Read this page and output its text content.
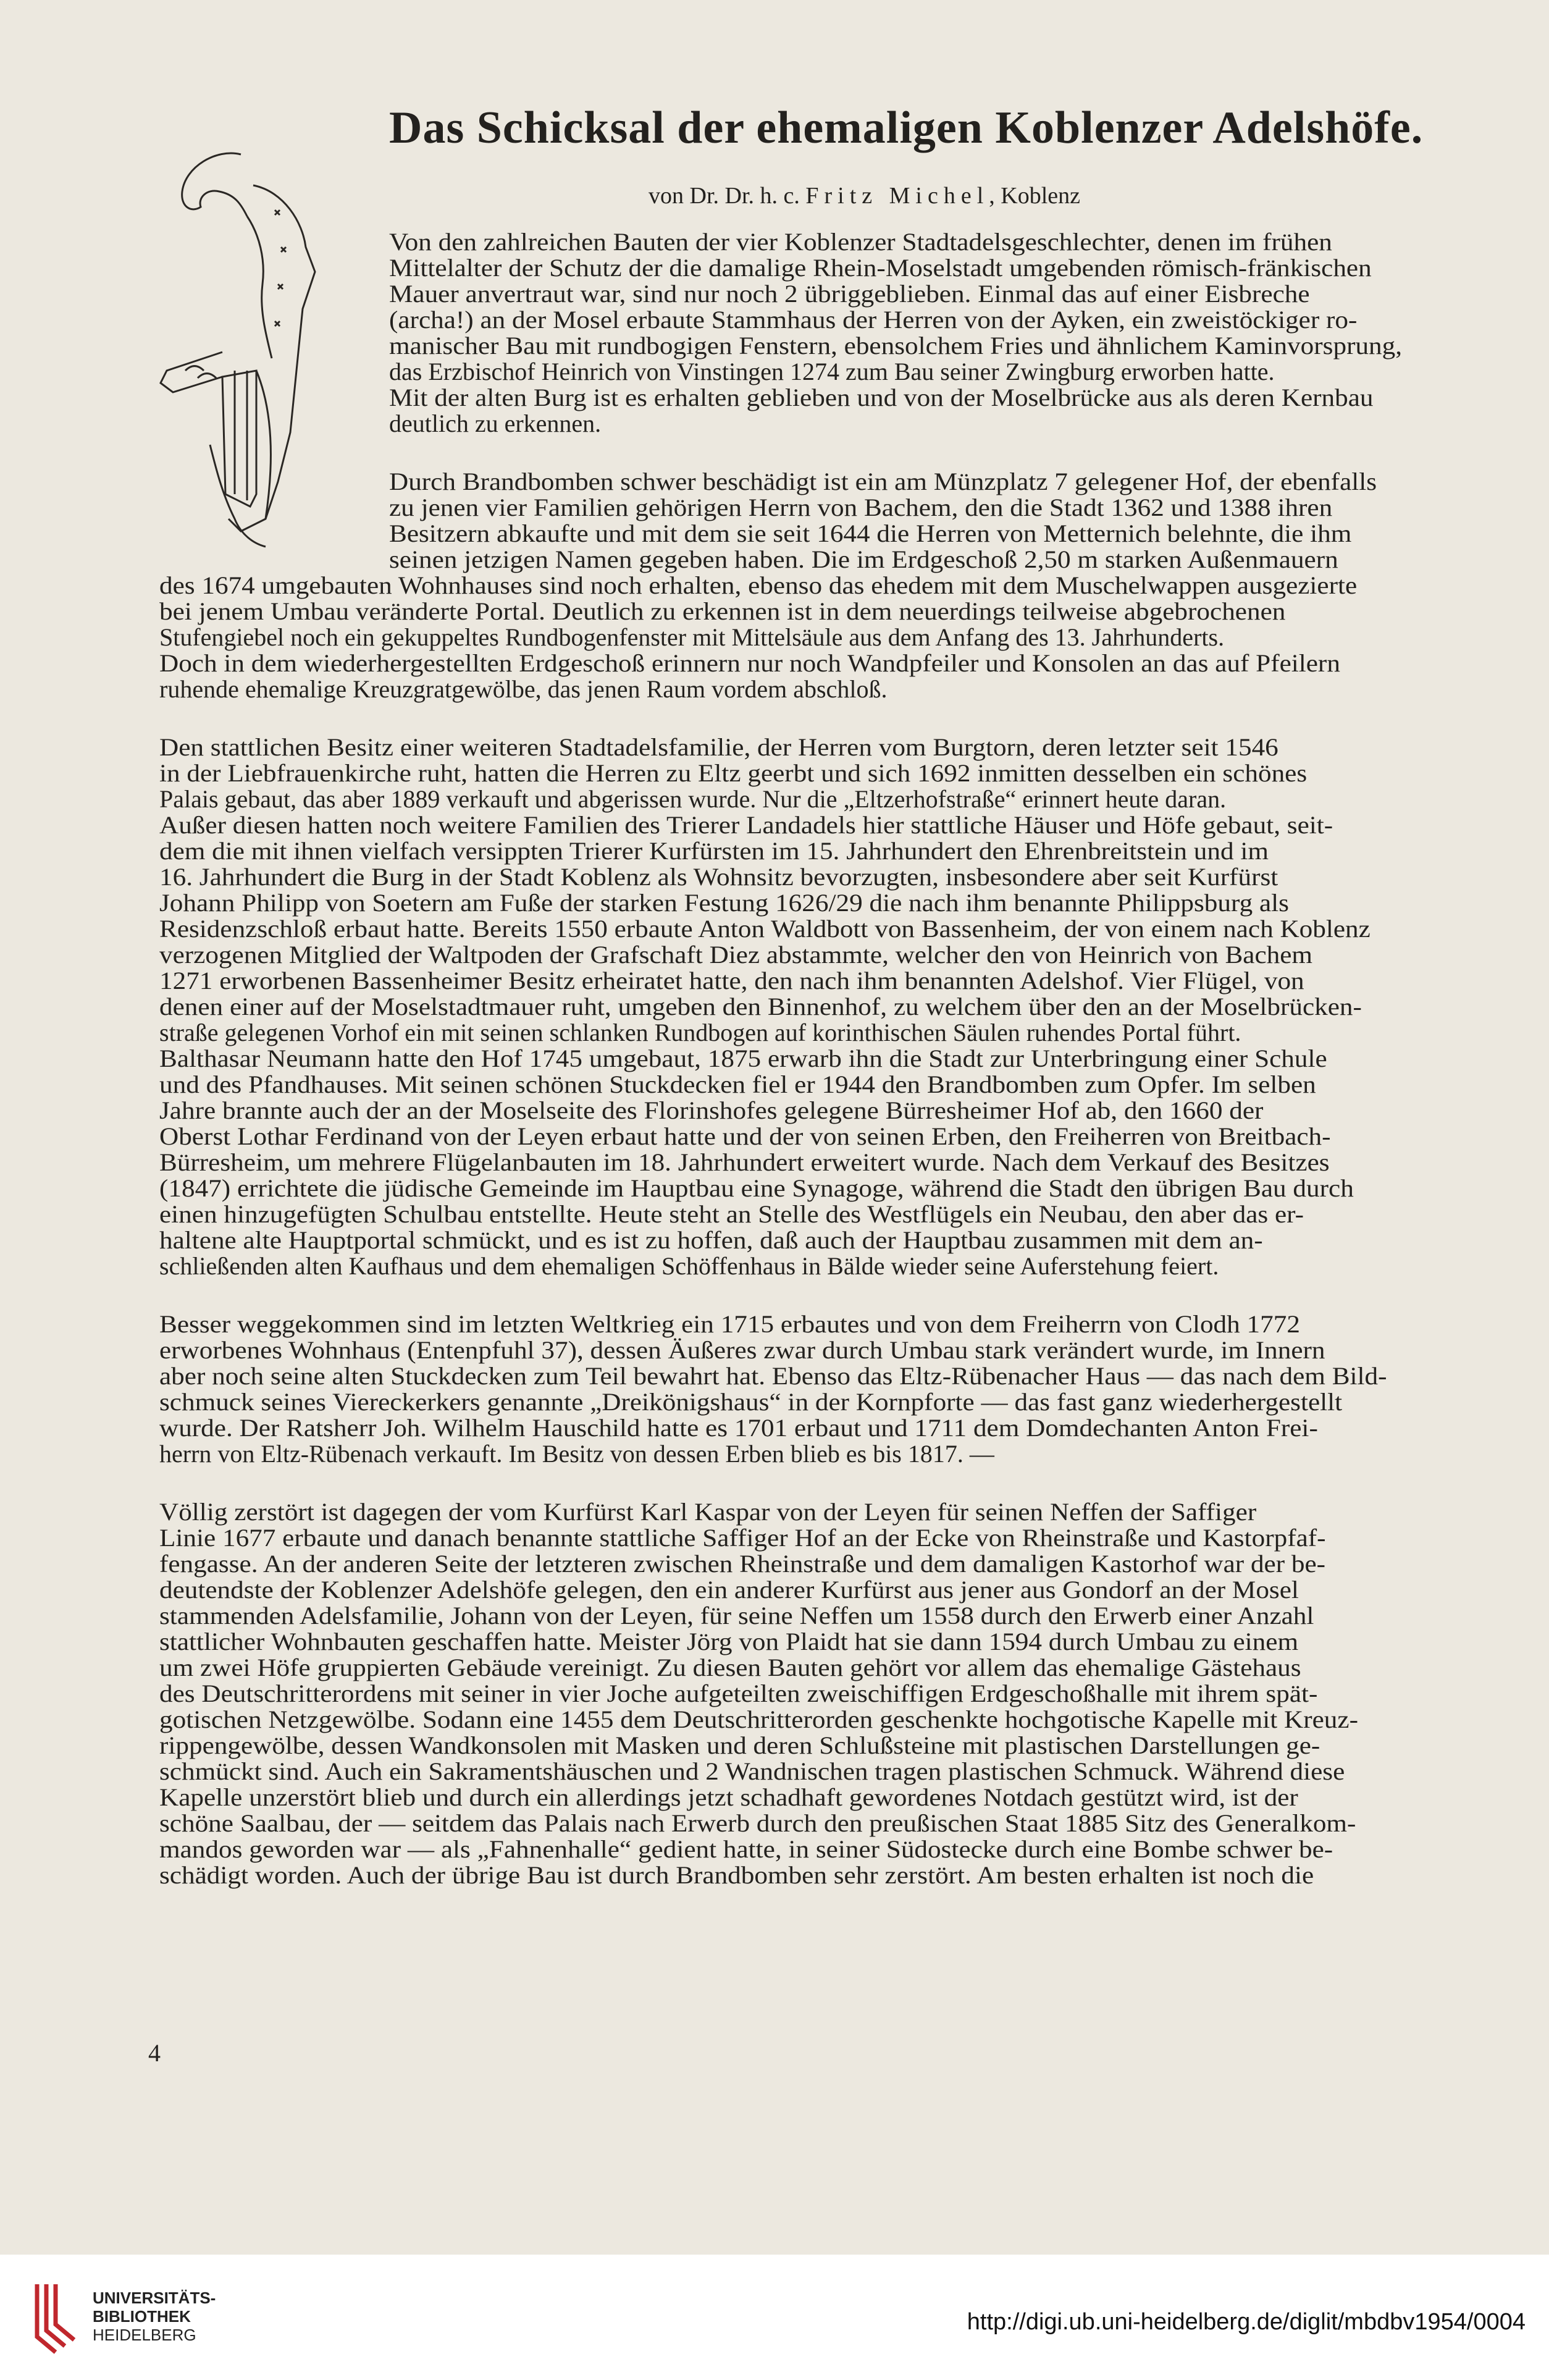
Das Schicksal der ehemaligen Koblenzer Adelshöfe.
von Dr. Dr. h. c. Fritz Michel, Koblenz
Von den zahlreichen Bauten der vier Koblenzer Stadtadelsgeschlechter, denen im frühen
Mittelalter der Schutz der die damalige Rhein-Moselstadt umgebenden römisch-fränkischen
Mauer anvertraut war, sind nur noch 2 übriggeblieben. Einmal das auf einer Eisbreche
(archa!) an der Mosel erbaute Stammhaus der Herren von der Ayken, ein zweistöckiger ro-
manischer Bau mit rundbogigen Fenstern, ebensolchem Fries und ähnlichem Kaminvorsprung,
das Erzbischof Heinrich von Vinstingen 1274 zum Bau seiner Zwingburg erworben hatte.
Mit der alten Burg ist es erhalten geblieben und von der Moselbrücke aus als deren Kernbau
deutlich zu erkennen.
Durch Brandbomben schwer beschädigt ist ein am Münzplatz 7 gelegener Hof, der ebenfalls
zu jenen vier Familien gehörigen Herrn von Bachem, den die Stadt 1362 und 1388 ihren
Besitzern abkaufte und mit dem sie seit 1644 die Herren von Metternich belehnte, die ihm
seinen jetzigen Namen gegeben haben. Die im Erdgeschoß 2,50 m starken Außenmauern
des 1674 umgebauten Wohnhauses sind noch erhalten, ebenso das ehedem mit dem Muschelwappen ausgezierte
bei jenem Umbau veränderte Portal. Deutlich zu erkennen ist in dem neuerdings teilweise abgebrochenen
Stufengiebel noch ein gekuppeltes Rundbogenfenster mit Mittelsäule aus dem Anfang des 13. Jahrhunderts.
Doch in dem wiederhergestellten Erdgeschoß erinnern nur noch Wandpfeiler und Konsolen an das auf Pfeilern
ruhende ehemalige Kreuzgratgewölbe, das jenen Raum vordem abschloß.
Den stattlichen Besitz einer weiteren Stadtadelsfamilie, der Herren vom Burgtorn, deren letzter seit 1546
in der Liebfrauenkirche ruht, hatten die Herren zu Eltz geerbt und sich 1692 inmitten desselben ein schönes
Palais gebaut, das aber 1889 verkauft und abgerissen wurde. Nur die „Eltzerhofstraße“ erinnert heute daran.
Außer diesen hatten noch weitere Familien des Trierer Landadels hier stattliche Häuser und Höfe gebaut, seit-
dem die mit ihnen vielfach versippten Trierer Kurfürsten im 15. Jahrhundert den Ehrenbreitstein und im
16. Jahrhundert die Burg in der Stadt Koblenz als Wohnsitz bevorzugten, insbesondere aber seit Kurfürst
Johann Philipp von Soetern am Fuße der starken Festung 1626/29 die nach ihm benannte Philippsburg als
Residenzschloß erbaut hatte. Bereits 1550 erbaute Anton Waldbott von Bassenheim, der von einem nach Koblenz
verzogenen Mitglied der Waltpoden der Grafschaft Diez abstammte, welcher den von Heinrich von Bachem
1271 erworbenen Bassenheimer Besitz erheiratet hatte, den nach ihm benannten Adelshof. Vier Flügel, von
denen einer auf der Moselstadtmauer ruht, umgeben den Binnenhof, zu welchem über den an der Moselbrücken-
straße gelegenen Vorhof ein mit seinen schlanken Rundbogen auf korinthischen Säulen ruhendes Portal führt.
Balthasar Neumann hatte den Hof 1745 umgebaut, 1875 erwarb ihn die Stadt zur Unterbringung einer Schule
und des Pfandhauses. Mit seinen schönen Stuckdecken fiel er 1944 den Brandbomben zum Opfer. Im selben
Jahre brannte auch der an der Moselseite des Florinshofes gelegene Bürresheimer Hof ab, den 1660 der
Oberst Lothar Ferdinand von der Leyen erbaut hatte und der von seinen Erben, den Freiherren von Breitbach-
Bürresheim, um mehrere Flügelanbauten im 18. Jahrhundert erweitert wurde. Nach dem Verkauf des Besitzes
(1847) errichtete die jüdische Gemeinde im Hauptbau eine Synagoge, während die Stadt den übrigen Bau durch
einen hinzugefügten Schulbau entstellte. Heute steht an Stelle des Westflügels ein Neubau, den aber das er-
haltene alte Hauptportal schmückt, und es ist zu hoffen, daß auch der Hauptbau zusammen mit dem an-
schließenden alten Kaufhaus und dem ehemaligen Schöffenhaus in Bälde wieder seine Auferstehung feiert.
Besser weggekommen sind im letzten Weltkrieg ein 1715 erbautes und von dem Freiherrn von Clodh 1772
erworbenes Wohnhaus (Entenpfuhl 37), dessen Äußeres zwar durch Umbau stark verändert wurde, im Innern
aber noch seine alten Stuckdecken zum Teil bewahrt hat. Ebenso das Eltz-Rübenacher Haus — das nach dem Bild-
schmuck seines Viereckerkers genannte „Dreikönigshaus“ in der Kornpforte — das fast ganz wiederhergestellt
wurde. Der Ratsherr Joh. Wilhelm Hauschild hatte es 1701 erbaut und 1711 dem Domdechanten Anton Frei-
herrn von Eltz-Rübenach verkauft. Im Besitz von dessen Erben blieb es bis 1817. —
Völlig zerstört ist dagegen der vom Kurfürst Karl Kaspar von der Leyen für seinen Neffen der Saffiger
Linie 1677 erbaute und danach benannte stattliche Saffiger Hof an der Ecke von Rheinstraße und Kastorpfaf-
fengasse. An der anderen Seite der letzteren zwischen Rheinstraße und dem damaligen Kastorhof war der be-
deutendste der Koblenzer Adelshöfe gelegen, den ein anderer Kurfürst aus jener aus Gondorf an der Mosel
stammenden Adelsfamilie, Johann von der Leyen, für seine Neffen um 1558 durch den Erwerb einer Anzahl
stattlicher Wohnbauten geschaffen hatte. Meister Jörg von Plaidt hat sie dann 1594 durch Umbau zu einem
um zwei Höfe gruppierten Gebäude vereinigt. Zu diesen Bauten gehört vor allem das ehemalige Gästehaus
des Deutschritterordens mit seiner in vier Joche aufgeteilten zweischiffigen Erdgeschoßhalle mit ihrem spät-
gotischen Netzgewölbe. Sodann eine 1455 dem Deutschritterorden geschenkte hochgotische Kapelle mit Kreuz-
rippengewölbe, dessen Wandkonsolen mit Masken und deren Schlußsteine mit plastischen Darstellungen ge-
schmückt sind. Auch ein Sakramentshäuschen und 2 Wandnischen tragen plastischen Schmuck. Während diese
Kapelle unzerstört blieb und durch ein allerdings jetzt schadhaft gewordenes Notdach gestützt wird, ist der
schöne Saalbau, der — seitdem das Palais nach Erwerb durch den preußischen Staat 1885 Sitz des Generalkom-
mandos geworden war — als „Fahnenhalle“ gedient hatte, in seiner Südostecke durch eine Bombe schwer be-
schädigt worden. Auch der übrige Bau ist durch Brandbomben sehr zerstört. Am besten erhalten ist noch die
4
UNIVERSITÄTS-
BIBLIOTHEK
HEIDELBERG	http://digi.ub.uni-heidelberg.de/diglit/mbdbv1954/0004
